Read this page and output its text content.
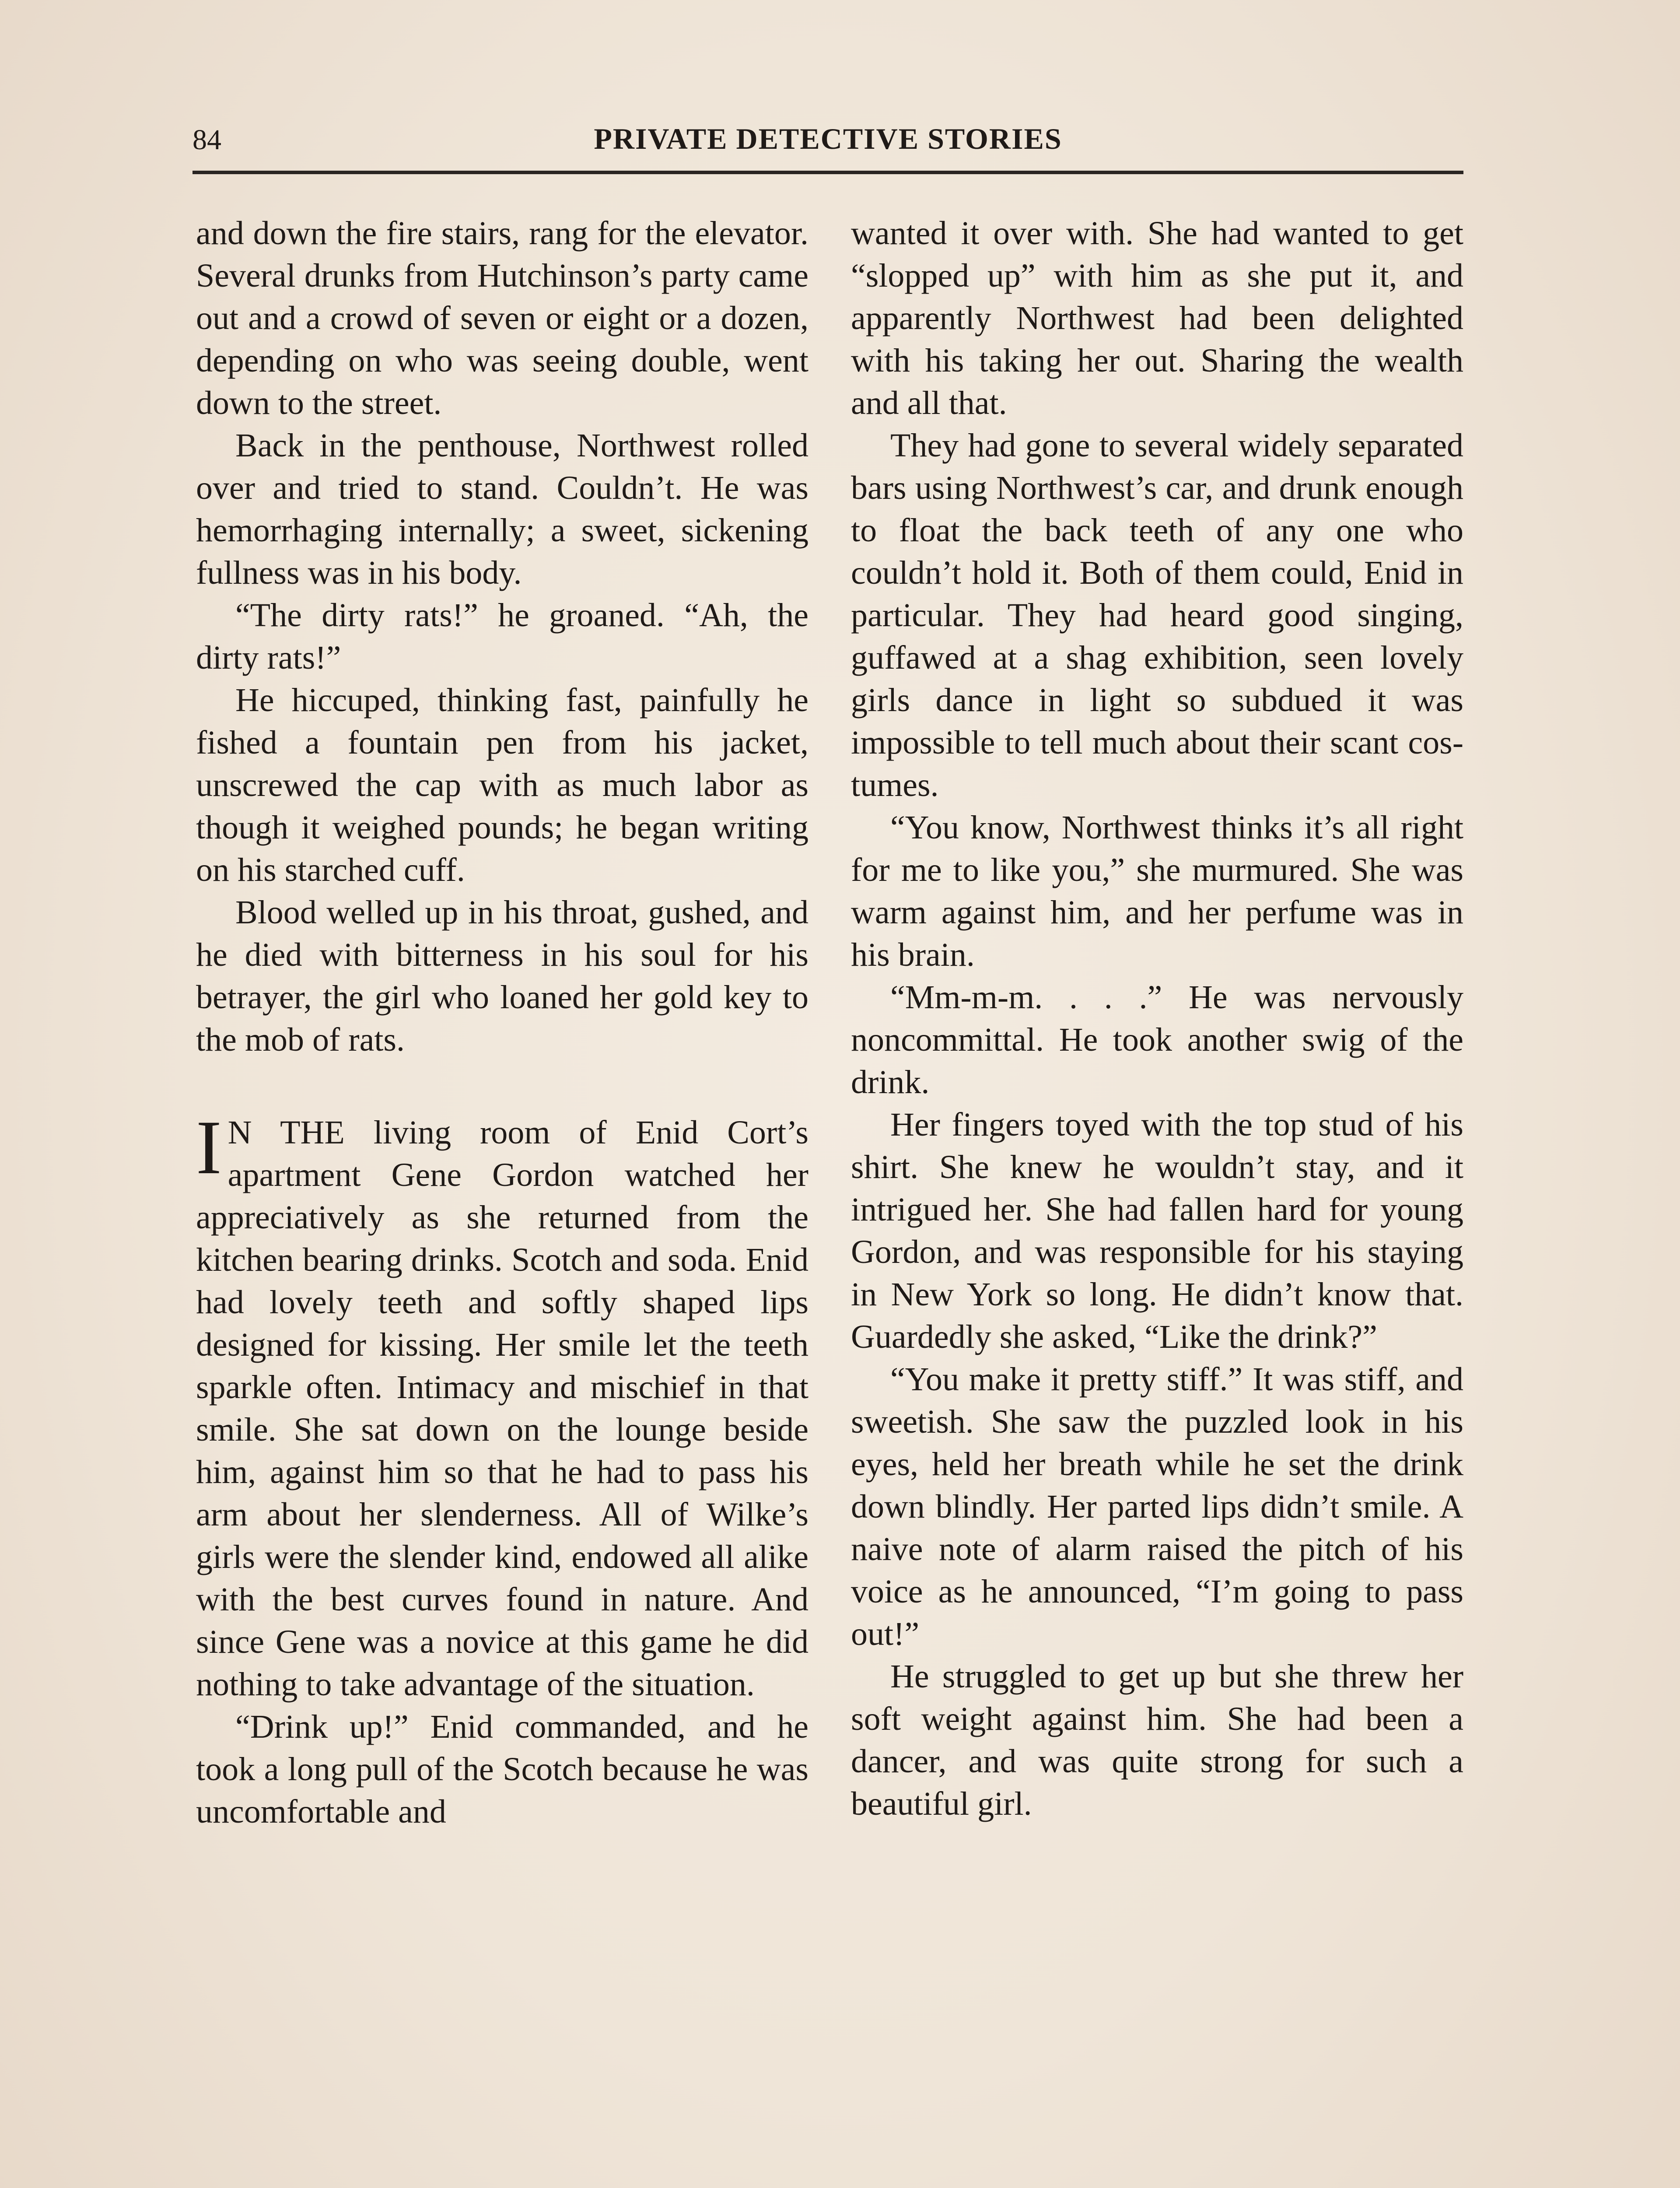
84	PRIVATE DETECTIVE STORIES

and down the fire stairs, rang for the elevator. Several drunks from Hutchinson’s party came out and a crowd of seven or eight or a dozen, depending on who was seeing double, went down to the street.

Back in the penthouse, Northwest rolled over and tried to stand. Couldn’t. He was hemorrhaging internally; a sweet, sickening fullness was in his body.

“The dirty rats!” he groaned. “Ah, the dirty rats!”

He hiccuped, thinking fast, painfully he fished a fountain pen from his jacket, unscrewed the cap with as much labor as though it weighed pounds; he began writing on his starched cuff.

Blood welled up in his throat, gushed, and he died with bitterness in his soul for his betrayer, the girl who loaned her gold key to the mob of rats.

I N THE living room of Enid Cort’s apartment Gene Gordon watched her appreciatively as she returned from the kitchen bearing drinks. Scotch and soda. Enid had lovely teeth and softly shaped lips designed for kissing. Her smile let the teeth sparkle often. Intimacy and mischief in that smile. She sat down on the lounge beside him, against him so that he had to pass his arm about her slenderness. All of Wilke’s girls were the slender kind, endowed all alike with the best curves found in nature. And since Gene was a novice at this game he did nothing to take advantage of the situation.

“Drink up!” Enid commanded, and he took a long pull of the Scotch because he was uncomfortable and

wanted it over with. She had wanted to get “slopped up” with him as she put it, and apparently Northwest had been delighted with his taking her out. Sharing the wealth and all that.

They had gone to several widely separated bars using Northwest’s car, and drunk enough to float the back teeth of any one who couldn’t hold it. Both of them could, Enid in particular. They had heard good singing, guffawed at a shag exhibition, seen lovely girls dance in light so subdued it was impossible to tell much about their scant costumes.

“You know, Northwest thinks it’s all right for me to like you,” she murmured. She was warm against him, and her perfume was in his brain.

“Mm-m-m. . . .” He was nervously noncommittal. He took another swig of the drink.

Her fingers toyed with the top stud of his shirt. She knew he wouldn’t stay, and it intrigued her. She had fallen hard for young Gordon, and was responsible for his staying in New York so long. He didn’t know that. Guardedly she asked, “Like the drink?”

“You make it pretty stiff.” It was stiff, and sweetish. She saw the puzzled look in his eyes, held her breath while he set the drink down blindly. Her parted lips didn’t smile. A naive note of alarm raised the pitch of his voice as he announced, “I’m going to pass out!”

He struggled to get up but she threw her soft weight against him. She had been a dancer, and was quite strong for such a beautiful girl.
